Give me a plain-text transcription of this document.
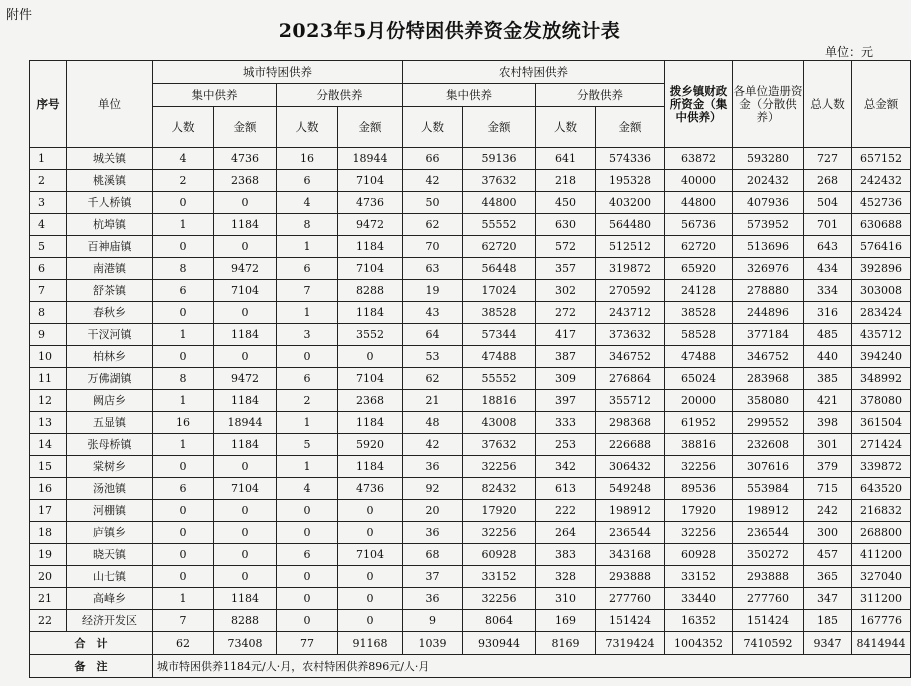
附件
2023年5月份特困供养资金发放统计表
单位：元
序号	单位	城市特困供养				农村特困供养				拨乡镇财政所资金（集中供养）	各单位造册资金（分散供养）	总人数	总金额
		集中供养		分散供养		集中供养		分散供养					
		人数	金额	人数	金额	人数	金额	人数	金额				
1	城关镇	4	4736	16	18944	66	59136	641	574336	63872	593280	727	657152
2	桃溪镇	2	2368	6	7104	42	37632	218	195328	40000	202432	268	242432
3	千人桥镇	0	0	4	4736	50	44800	450	403200	44800	407936	504	452736
4	杭埠镇	1	1184	8	9472	62	55552	630	564480	56736	573952	701	630688
5	百神庙镇	0	0	1	1184	70	62720	572	512512	62720	513696	643	576416
6	南港镇	8	9472	6	7104	63	56448	357	319872	65920	326976	434	392896
7	舒茶镇	6	7104	7	8288	19	17024	302	270592	24128	278880	334	303008
8	春秋乡	0	0	1	1184	43	38528	272	243712	38528	244896	316	283424
9	干汊河镇	1	1184	3	3552	64	57344	417	373632	58528	377184	485	435712
10	柏林乡	0	0	0	0	53	47488	387	346752	47488	346752	440	394240
11	万佛湖镇	8	9472	6	7104	62	55552	309	276864	65024	283968	385	348992
12	阙店乡	1	1184	2	2368	21	18816	397	355712	20000	358080	421	378080
13	五显镇	16	18944	1	1184	48	43008	333	298368	61952	299552	398	361504
14	张母桥镇	1	1184	5	5920	42	37632	253	226688	38816	232608	301	271424
15	棠树乡	0	0	1	1184	36	32256	342	306432	32256	307616	379	339872
16	汤池镇	6	7104	4	4736	92	82432	613	549248	89536	553984	715	643520
17	河棚镇	0	0	0	0	20	17920	222	198912	17920	198912	242	216832
18	庐镇乡	0	0	0	0	36	32256	264	236544	32256	236544	300	268800
19	晓天镇	0	0	6	7104	68	60928	383	343168	60928	350272	457	411200
20	山七镇	0	0	0	0	37	33152	328	293888	33152	293888	365	327040
21	高峰乡	1	1184	0	0	36	32256	310	277760	33440	277760	347	311200
22	经济开发区	7	8288	0	0	9	8064	169	151424	16352	151424	185	167776
合　计		62	73408	77	91168	1039	930944	8169	7319424	1004352	7410592	9347	8414944
备　注		城市特困供养1184元/人·月，农村特困供养896元/人·月											
